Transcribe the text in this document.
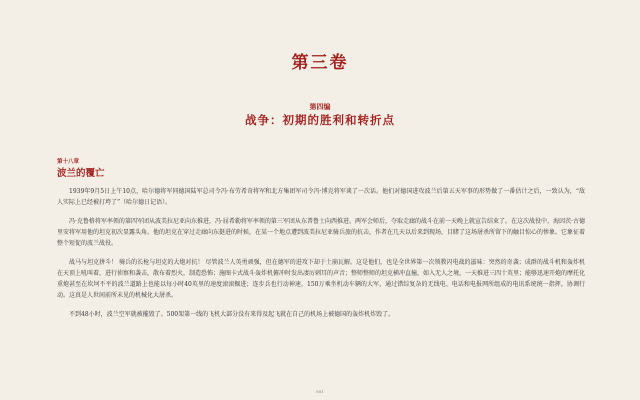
第三卷
第四编
战争：初期的胜利和转折点
第十八章
波兰的覆亡

1939年9月5日上午10点，哈尔德将军同德国陆军总司令冯·布劳希奇将军和北方集团军司令冯·博克将军谈了一次话。他们对德国进攻波兰后第五天军事的形势做了一番估计之后，一致认为，“敌人实际上已经被打垮了”（哈尔德日记语）。

冯·克鲁格将军率领的第四军团从波美拉尼亚向东推进，冯·屈希勒将军率领的第三军团从东普鲁士向西推进。两军会师后，夺取走廊的战斗在前一天晚上就宣告结束了。在这次战役中，海因茨·古德里安将军用他的坦克初次显露头角。他的坦克在穿过走廊向东挺进的时候，在某一个地点遭到波美拉尼亚骑兵旅的抗击，作者在几天以后来到现场，目睹了这场屠杀所留下的触目惊心的惨象。它象征着整个短促的波兰战役。

战马与坦克拼斗！ 骑兵的长枪与坦克的大炮对抗！ 尽管波兰人英勇顽强，但在德军的进攻下却于土崩瓦解。这是他们，也是全世界第一次领教闪电战的滋味：突然的奇袭；成群的战斗机和轰炸机在天顶上吼叫着，进行侦察和袭击，散布着烈火，制造恐怖；施图卡式战斗轰炸机俯冲时发出凄厉刺耳的声音；整师整师的坦克横冲直撞，如入无人之境，一天推进三四十英里；能够迅速开炮的摩托化重炮甚至在坎坷不平的波兰道路上也能以每小时40英里的速度滚滚掘进；连步兵也行动神速，150万乘坐机动车辆的大军，通过错综复杂的无线电、电话和电报网所组成的电讯系统统一指挥，协调行动。这真是人世间前所未见的机械化大屠杀。

不到48小时，波兰空军就被摧毁了。500架第一线的飞机大部分没有来得及起飞就在自己的机场上被德国的轰炸机炸毁了。

881
